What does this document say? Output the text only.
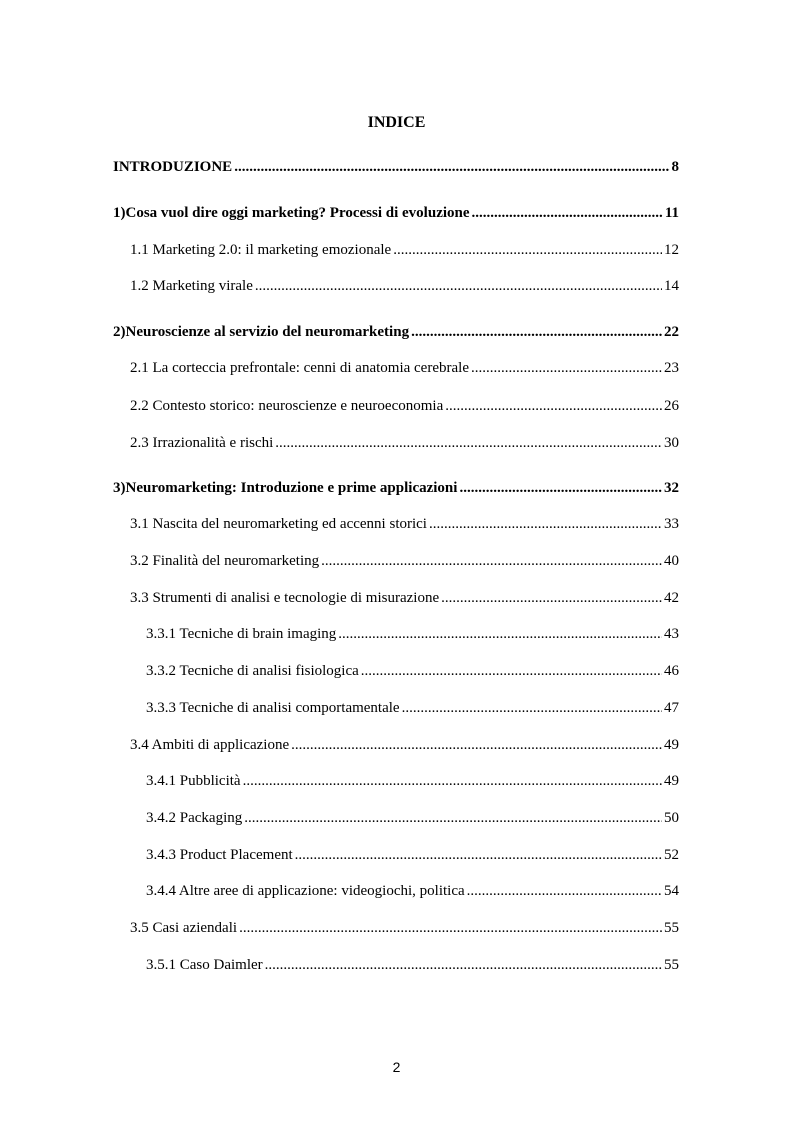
INDICE
INTRODUZIONE .....	8
1) Cosa vuol dire oggi marketing? Processi di evoluzione .....	11
1.1 Marketing 2.0: il marketing emozionale .....	12
1.2 Marketing virale .....	14
2) Neuroscienze al servizio del neuromarketing .....	22
2.1 La corteccia prefrontale: cenni di anatomia cerebrale .....	23
2.2 Contesto storico: neuroscienze e neuroeconomia .....	26
2.3 Irrazionalità e rischi .....	30
3) Neuromarketing: Introduzione e prime applicazioni .....	32
3.1 Nascita del neuromarketing ed accenni storici .....	33
3.2 Finalità del neuromarketing .....	40
3.3 Strumenti di analisi e tecnologie di misurazione .....	42
3.3.1 Tecniche di brain imaging .....	43
3.3.2 Tecniche di analisi fisiologica .....	46
3.3.3 Tecniche di analisi comportamentale .....	47
3.4 Ambiti di applicazione .....	49
3.4.1 Pubblicità .....	49
3.4.2 Packaging .....	50
3.4.3 Product Placement .....	52
3.4.4 Altre aree di applicazione: videogiochi, politica .....	54
3.5 Casi aziendali .....	55
3.5.1 Caso Daimler .....	55
2
